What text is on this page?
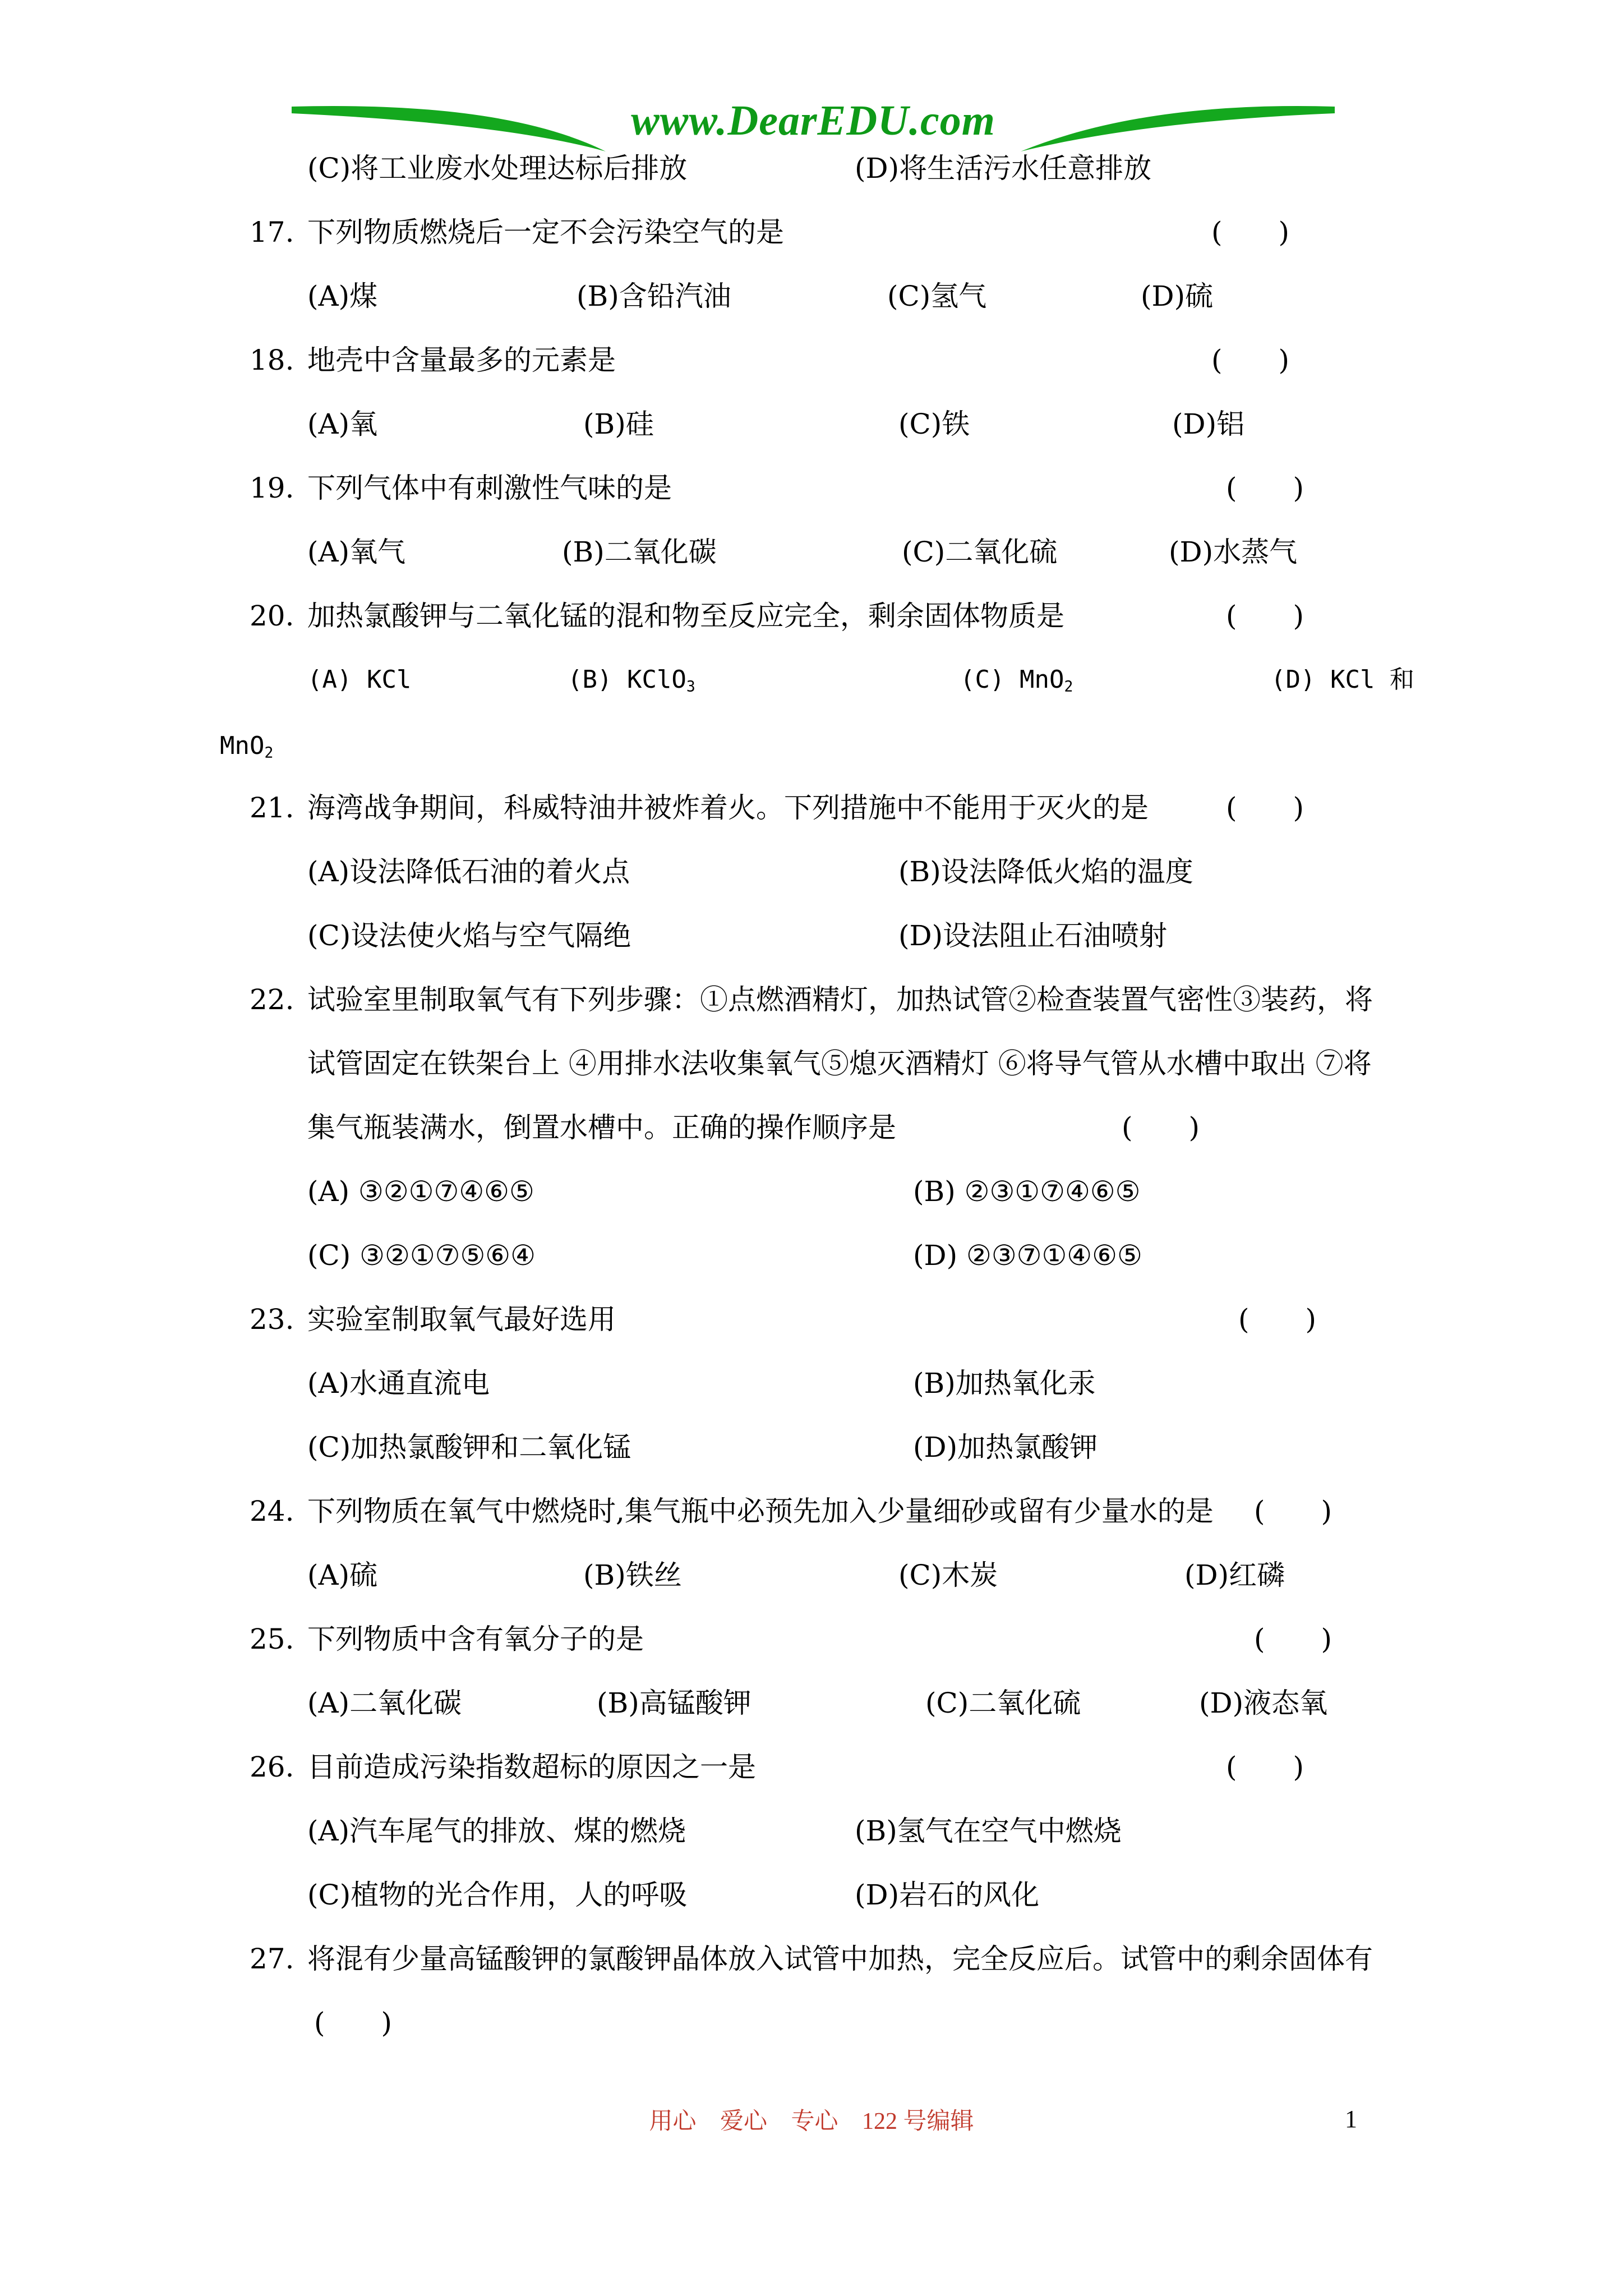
www.DearEDU.com
(C)将工业废水处理达标后排放	(D)将生活污水任意排放
17. 下列物质燃烧后一定不会污染空气的是	(　　)
(A)煤	(B)含铅汽油	(C)氢气	(D)硫
18. 地壳中含量最多的元素是	(　　)
(A)氧	(B)硅	(C)铁	(D)铝
19. 下列气体中有刺激性气味的是	(　　)
(A)氧气	(B)二氧化碳	(C)二氧化硫	(D)水蒸气
20. 加热氯酸钾与二氧化锰的混和物至反应完全，剩余固体物质是	(　　)
(A) KCl	(B) KClO$_3$	(C) MnO$_2$	(D) KCl 和
MnO$_2$
21. 海湾战争期间，科威特油井被炸着火。下列措施中不能用于灭火的是	(　　)
(A)设法降低石油的着火点	(B)设法降低火焰的温度
(C)设法使火焰与空气隔绝	(D)设法阻止石油喷射
22. 试验室里制取氧气有下列步骤：①点燃酒精灯，加热试管②检查装置气密性③装药，将
试管固定在铁架台上 ④用排水法收集氧气⑤熄灭酒精灯 ⑥将导气管从水槽中取出 ⑦将
集气瓶装满水，倒置水槽中。正确的操作顺序是	(　　)
(A) ③②①⑦④⑥⑤	(B) ②③①⑦④⑥⑤
(C) ③②①⑦⑤⑥④	(D) ②③⑦①④⑥⑤
23. 实验室制取氧气最好选用	(　　)
(A)水通直流电	(B)加热氧化汞
(C)加热氯酸钾和二氧化锰	(D)加热氯酸钾
24. 下列物质在氧气中燃烧时,集气瓶中必预先加入少量细砂或留有少量水的是 (　　)
(A)硫	(B)铁丝	(C)木炭	(D)红磷
25. 下列物质中含有氧分子的是	(　　)
(A)二氧化碳	(B)高锰酸钾	(C)二氧化硫	(D)液态氧
26. 目前造成污染指数超标的原因之一是	(　　)
(A)汽车尾气的排放、煤的燃烧	(B)氢气在空气中燃烧
(C)植物的光合作用，人的呼吸	(D)岩石的风化
27. 将混有少量高锰酸钾的氯酸钾晶体放入试管中加热，完全反应后。试管中的剩余固体有
(　　)
用心 爱心 专心 122 号编辑	1
